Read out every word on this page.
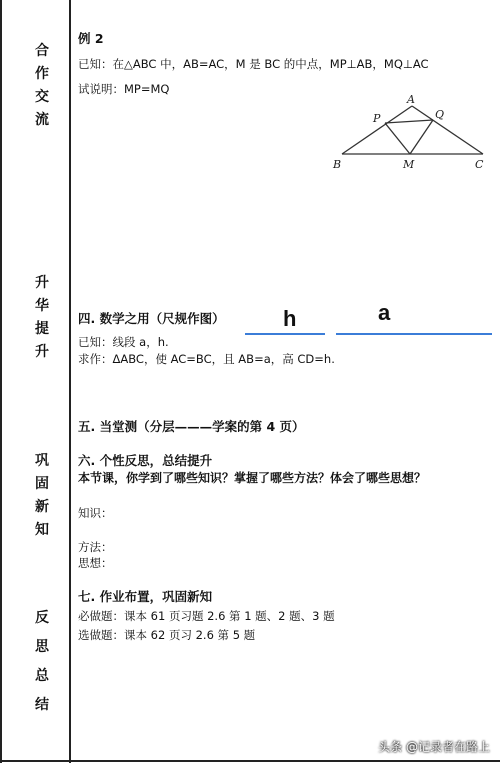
合
作
交
流
升
华
提
升
巩
固
新
知
反
思
总
结
例 2
已知：在△ABC 中，AB=AC，M 是 BC 的中点，MP⊥AB，MQ⊥AC
试说明：MP=MQ
A
P	Q
B	M	C
四. 数学之用（尺规作图）	h	a
已知：线段 a，h.
求作：ΔABC，使 AC=BC，且 AB=a，高 CD=h.
五. 当堂测（分层———学案的第 4 页）
六. 个性反思，总结提升
本节课，你学到了哪些知识？掌握了哪些方法？体会了哪些思想？
知识：
方法：
思想：
七. 作业布置，巩固新知
必做题：课本 61 页习题 2.6 第 1 题、2 题、3 题
选做题：课本 62 页习 2.6 第 5 题
头条 @记录者在路上
